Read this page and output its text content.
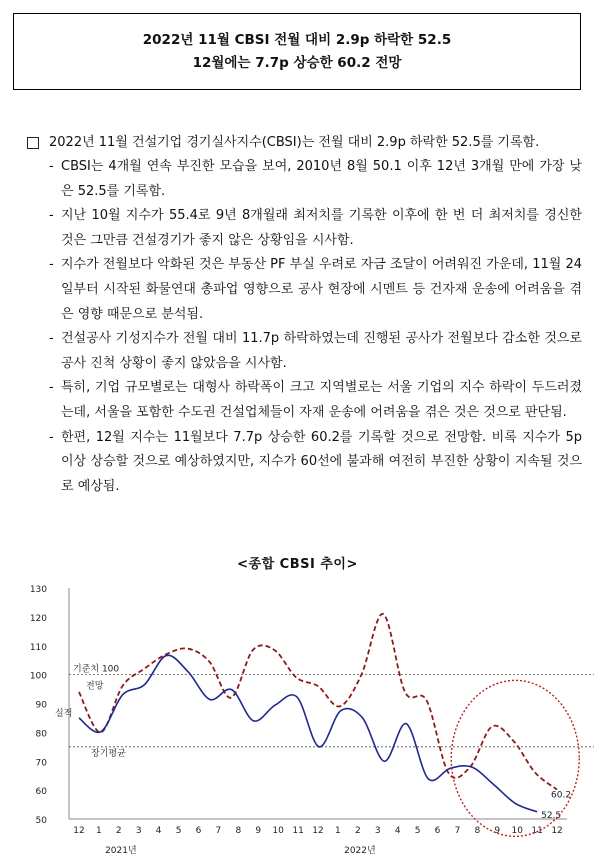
2022년 11월 CBSI 전월 대비 2.9p 하락한 52.5
12월에는 7.7p 상승한 60.2 전망
2022년 11월 건설기업 경기실사지수(CBSI)는 전월 대비 2.9p 하락한 52.5를 기록함.
- CBSI는 4개월 연속 부진한 모습을 보여, 2010년 8월 50.1 이후 12년 3개월 만에 가장 낮은 52.5를 기록함.
- 지난 10월 지수가 55.4로 9년 8개월래 최저치를 기록한 이후에 한 번 더 최저치를 경신한 것은 그만큼 건설경기가 좋지 않은 상황임을 시사함.
- 지수가 전월보다 악화된 것은 부동산 PF 부실 우려로 자금 조달이 어려워진 가운데, 11월 24일부터 시작된 화물연대 총파업 영향으로 공사 현장에 시멘트 등 건자재 운송에 어려움을 겪은 영향 때문으로 분석됨.
- 건설공사 기성지수가 전월 대비 11.7p 하락하였는데 진행된 공사가 전월보다 감소한 것으로 공사 진척 상황이 좋지 않았음을 시사함.
- 특히, 기업 규모별로는 대형사 하락폭이 크고 지역별로는 서울 기업의 지수 하락이 두드러졌는데, 서울을 포함한 수도권 건설업체들이 자재 운송에 어려움을 겪은 것은 것으로 판단됨.
- 한편, 12월 지수는 11월보다 7.7p 상승한 60.2를 기록할 것으로 전망함. 비록 지수가 5p 이상 상승할 것으로 예상하였지만, 지수가 60선에 불과해 여전히 부진한 상황이 지속될 것으로 예상됨.
<종합 CBSI 추이>
50
60
70
80
90
100
110
120
130
12 1 2 3 4 5 6 7 8 9 10 11 12 1 2 3 4 5 6 7 8 9 10 11 12
2021년	2022년
기준치 100
장기평균
실적
전망
52.5
60.2
